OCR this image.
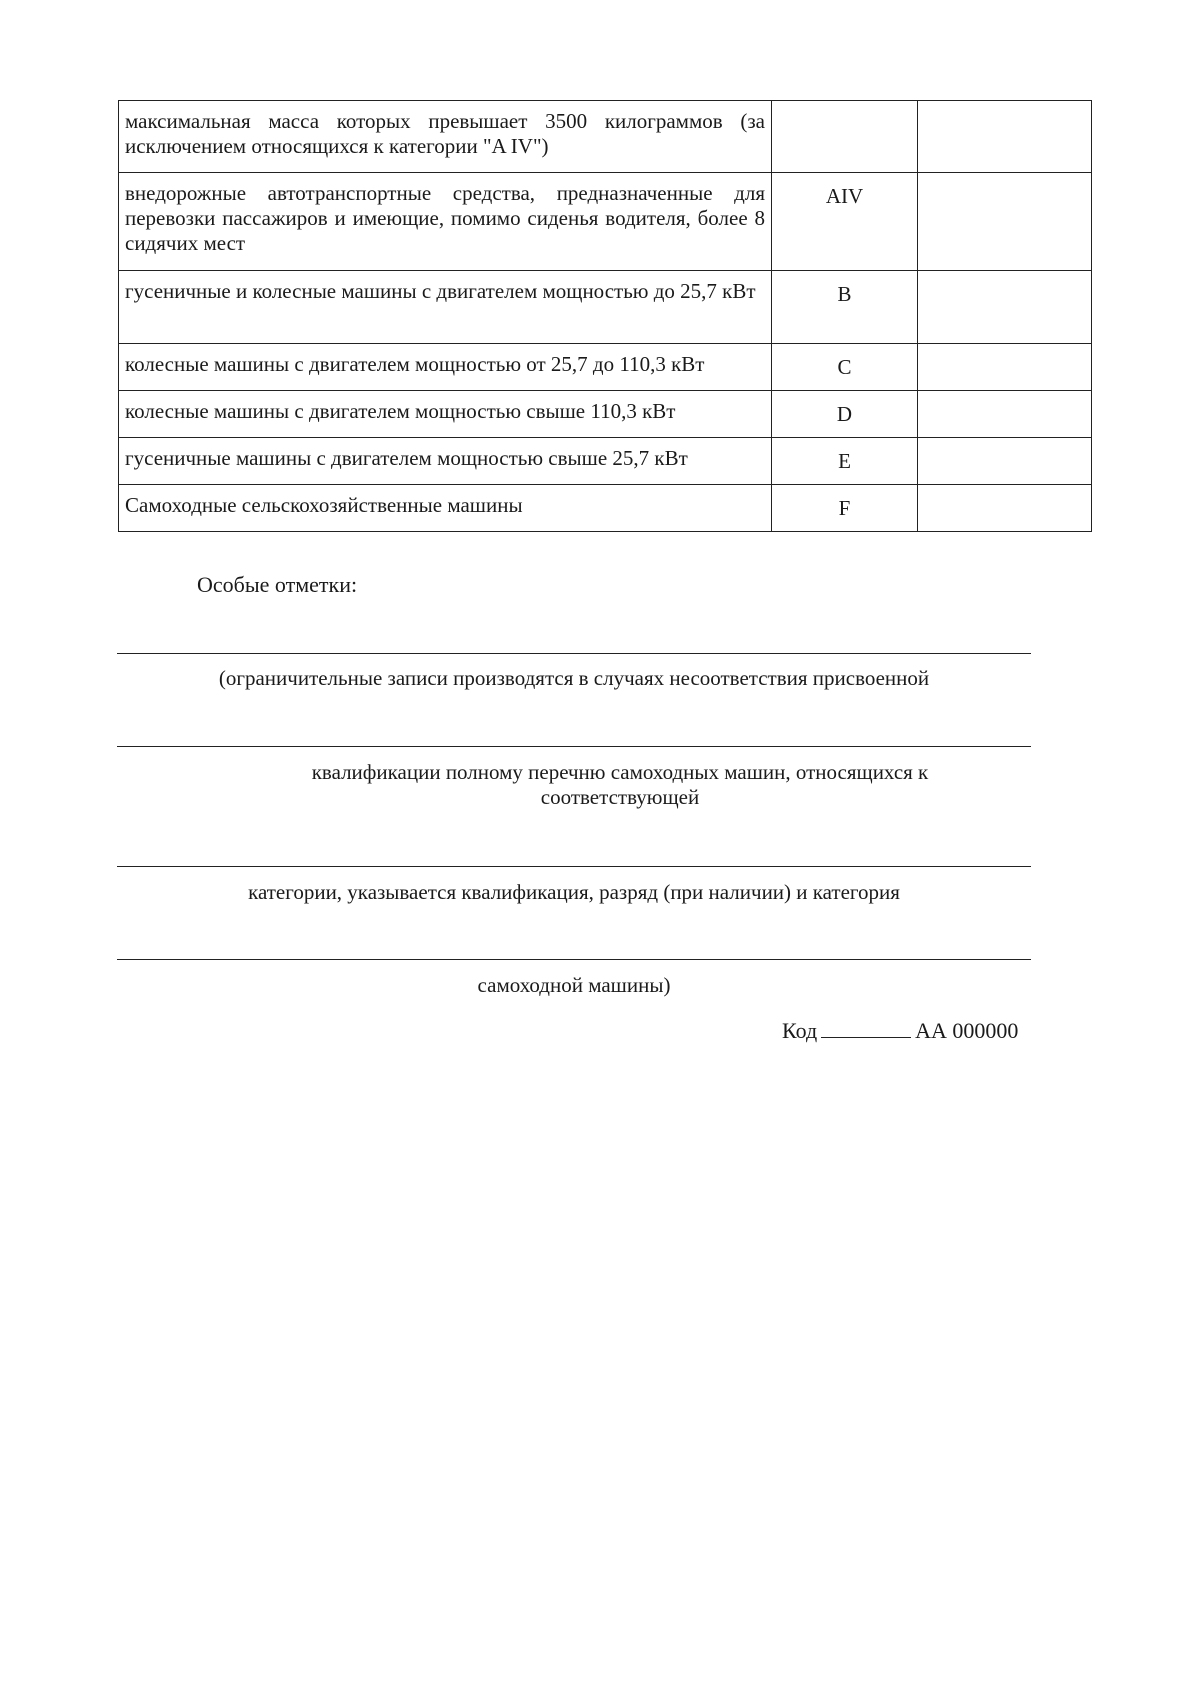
максимальная масса которых превышает 3500 килограммов (за исключением относящихся к категории "A IV")		
внедорожные автотранспортные средства, предназначенные для перевозки пассажиров и имеющие, помимо сиденья водителя, более 8 сидячих мест	AIV	
гусеничные и колесные машины с двигателем мощностью до 25,7 кВт	B	
колесные машины с двигателем мощностью от 25,7 до 110,3 кВт	C	
колесные машины с двигателем мощностью свыше 110,3 кВт	D	
гусеничные машины с двигателем мощностью свыше 25,7 кВт	E	
Самоходные сельскохозяйственные машины	F	
Особые отметки:
(ограничительные записи производятся в случаях несоответствия присвоенной
квалификации полному перечню самоходных машин, относящихся к соответствующей
категории, указывается квалификация, разряд (при наличии) и категория
самоходной машины)
Код	АА 000000
